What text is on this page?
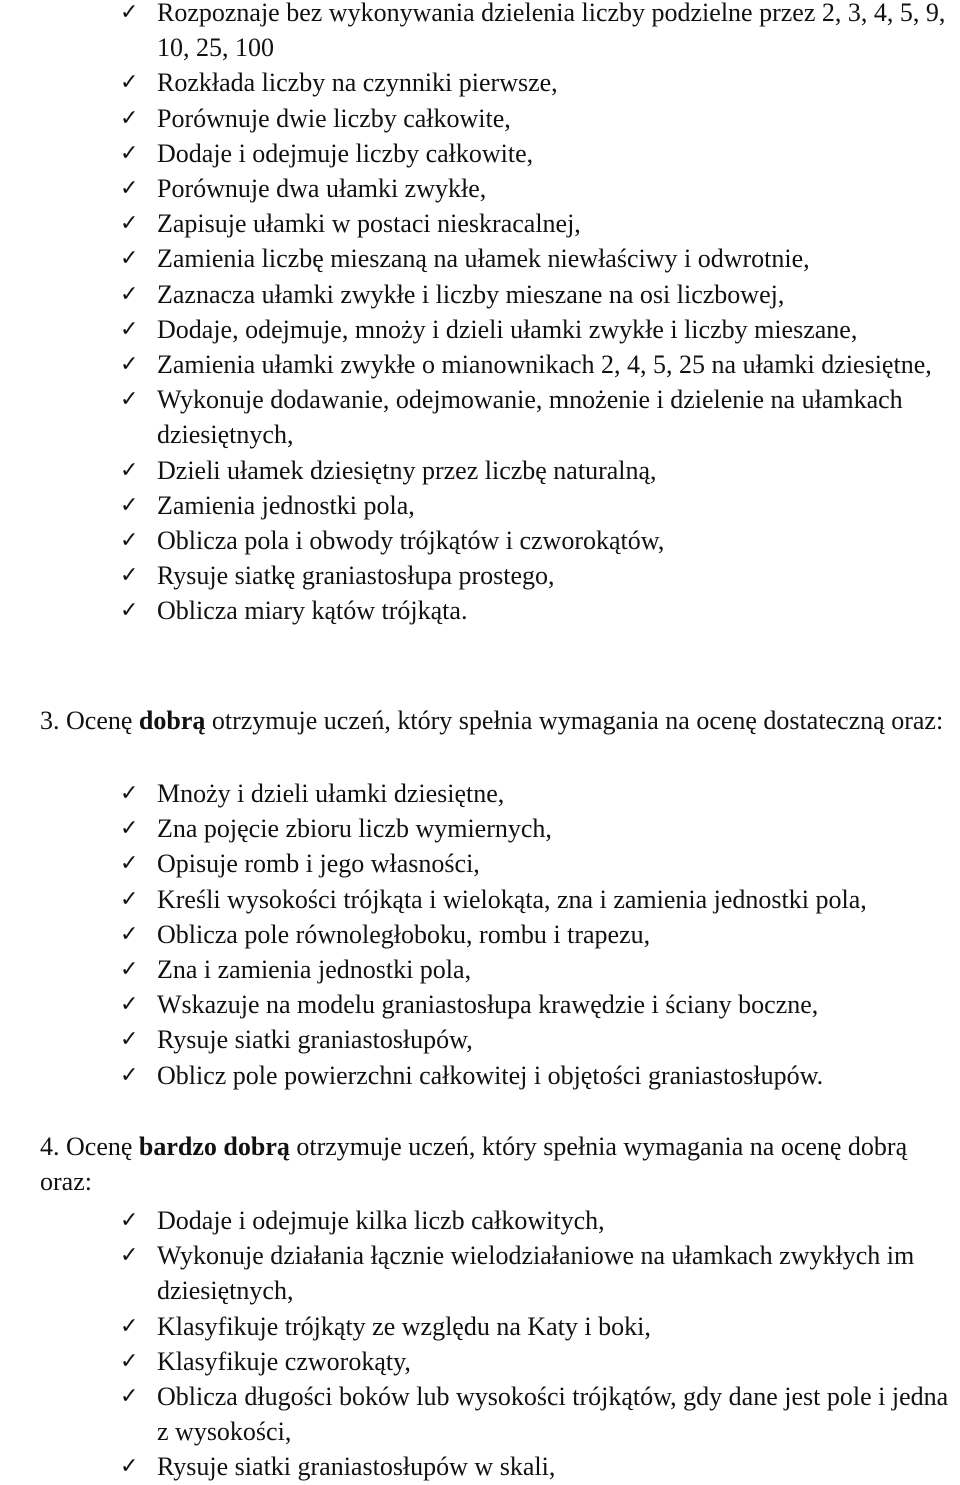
✓ Rozpoznaje bez wykonywania dzielenia liczby podzielne przez 2, 3, 4, 5, 9, 10, 25, 100
✓ Rozkłada liczby na czynniki pierwsze,
✓ Porównuje dwie liczby całkowite,
✓ Dodaje i odejmuje liczby całkowite,
✓ Porównuje dwa ułamki zwykłe,
✓ Zapisuje ułamki w postaci nieskracalnej,
✓ Zamienia liczbę mieszaną na ułamek niewłaściwy i odwrotnie,
✓ Zaznacza ułamki zwykłe i liczby mieszane na osi liczbowej,
✓ Dodaje, odejmuje, mnoży i dzieli ułamki zwykłe i liczby mieszane,
✓ Zamienia ułamki zwykłe o mianownikach 2, 4, 5, 25 na ułamki dziesiętne,
✓ Wykonuje dodawanie, odejmowanie, mnożenie i dzielenie na ułamkach dziesiętnych,
✓ Dzieli ułamek dziesiętny przez liczbę naturalną,
✓ Zamienia jednostki pola,
✓ Oblicza pola i obwody trójkątów i czworokątów,
✓ Rysuje siatkę graniastosłupa prostego,
✓ Oblicza miary kątów trójkąta.
3. Ocenę dobrą otrzymuje uczeń, który spełnia wymagania na ocenę dostateczną oraz:
✓ Mnoży i dzieli ułamki dziesiętne,
✓ Zna pojęcie zbioru liczb wymiernych,
✓ Opisuje romb i jego własności,
✓ Kreśli wysokości trójkąta i wielokąta, zna i zamienia jednostki pola,
✓ Oblicza pole równoległoboku, rombu i trapezu,
✓ Zna i zamienia jednostki pola,
✓ Wskazuje na modelu graniastosłupa krawędzie i ściany boczne,
✓ Rysuje siatki graniastosłupów,
✓ Oblicz pole powierzchni całkowitej i objętości graniastosłupów.
4. Ocenę bardzo dobrą otrzymuje uczeń, który spełnia wymagania na ocenę dobrą oraz:
✓ Dodaje i odejmuje kilka liczb całkowitych,
✓ Wykonuje działania łącznie wielodziałaniowe na ułamkach zwykłych im dziesiętnych,
✓ Klasyfikuje trójkąty ze względu na Katy i boki,
✓ Klasyfikuje czworokąty,
✓ Oblicza długości boków lub wysokości trójkątów, gdy dane jest pole i jedna z wysokości,
✓ Rysuje siatki graniastosłupów w skali,
